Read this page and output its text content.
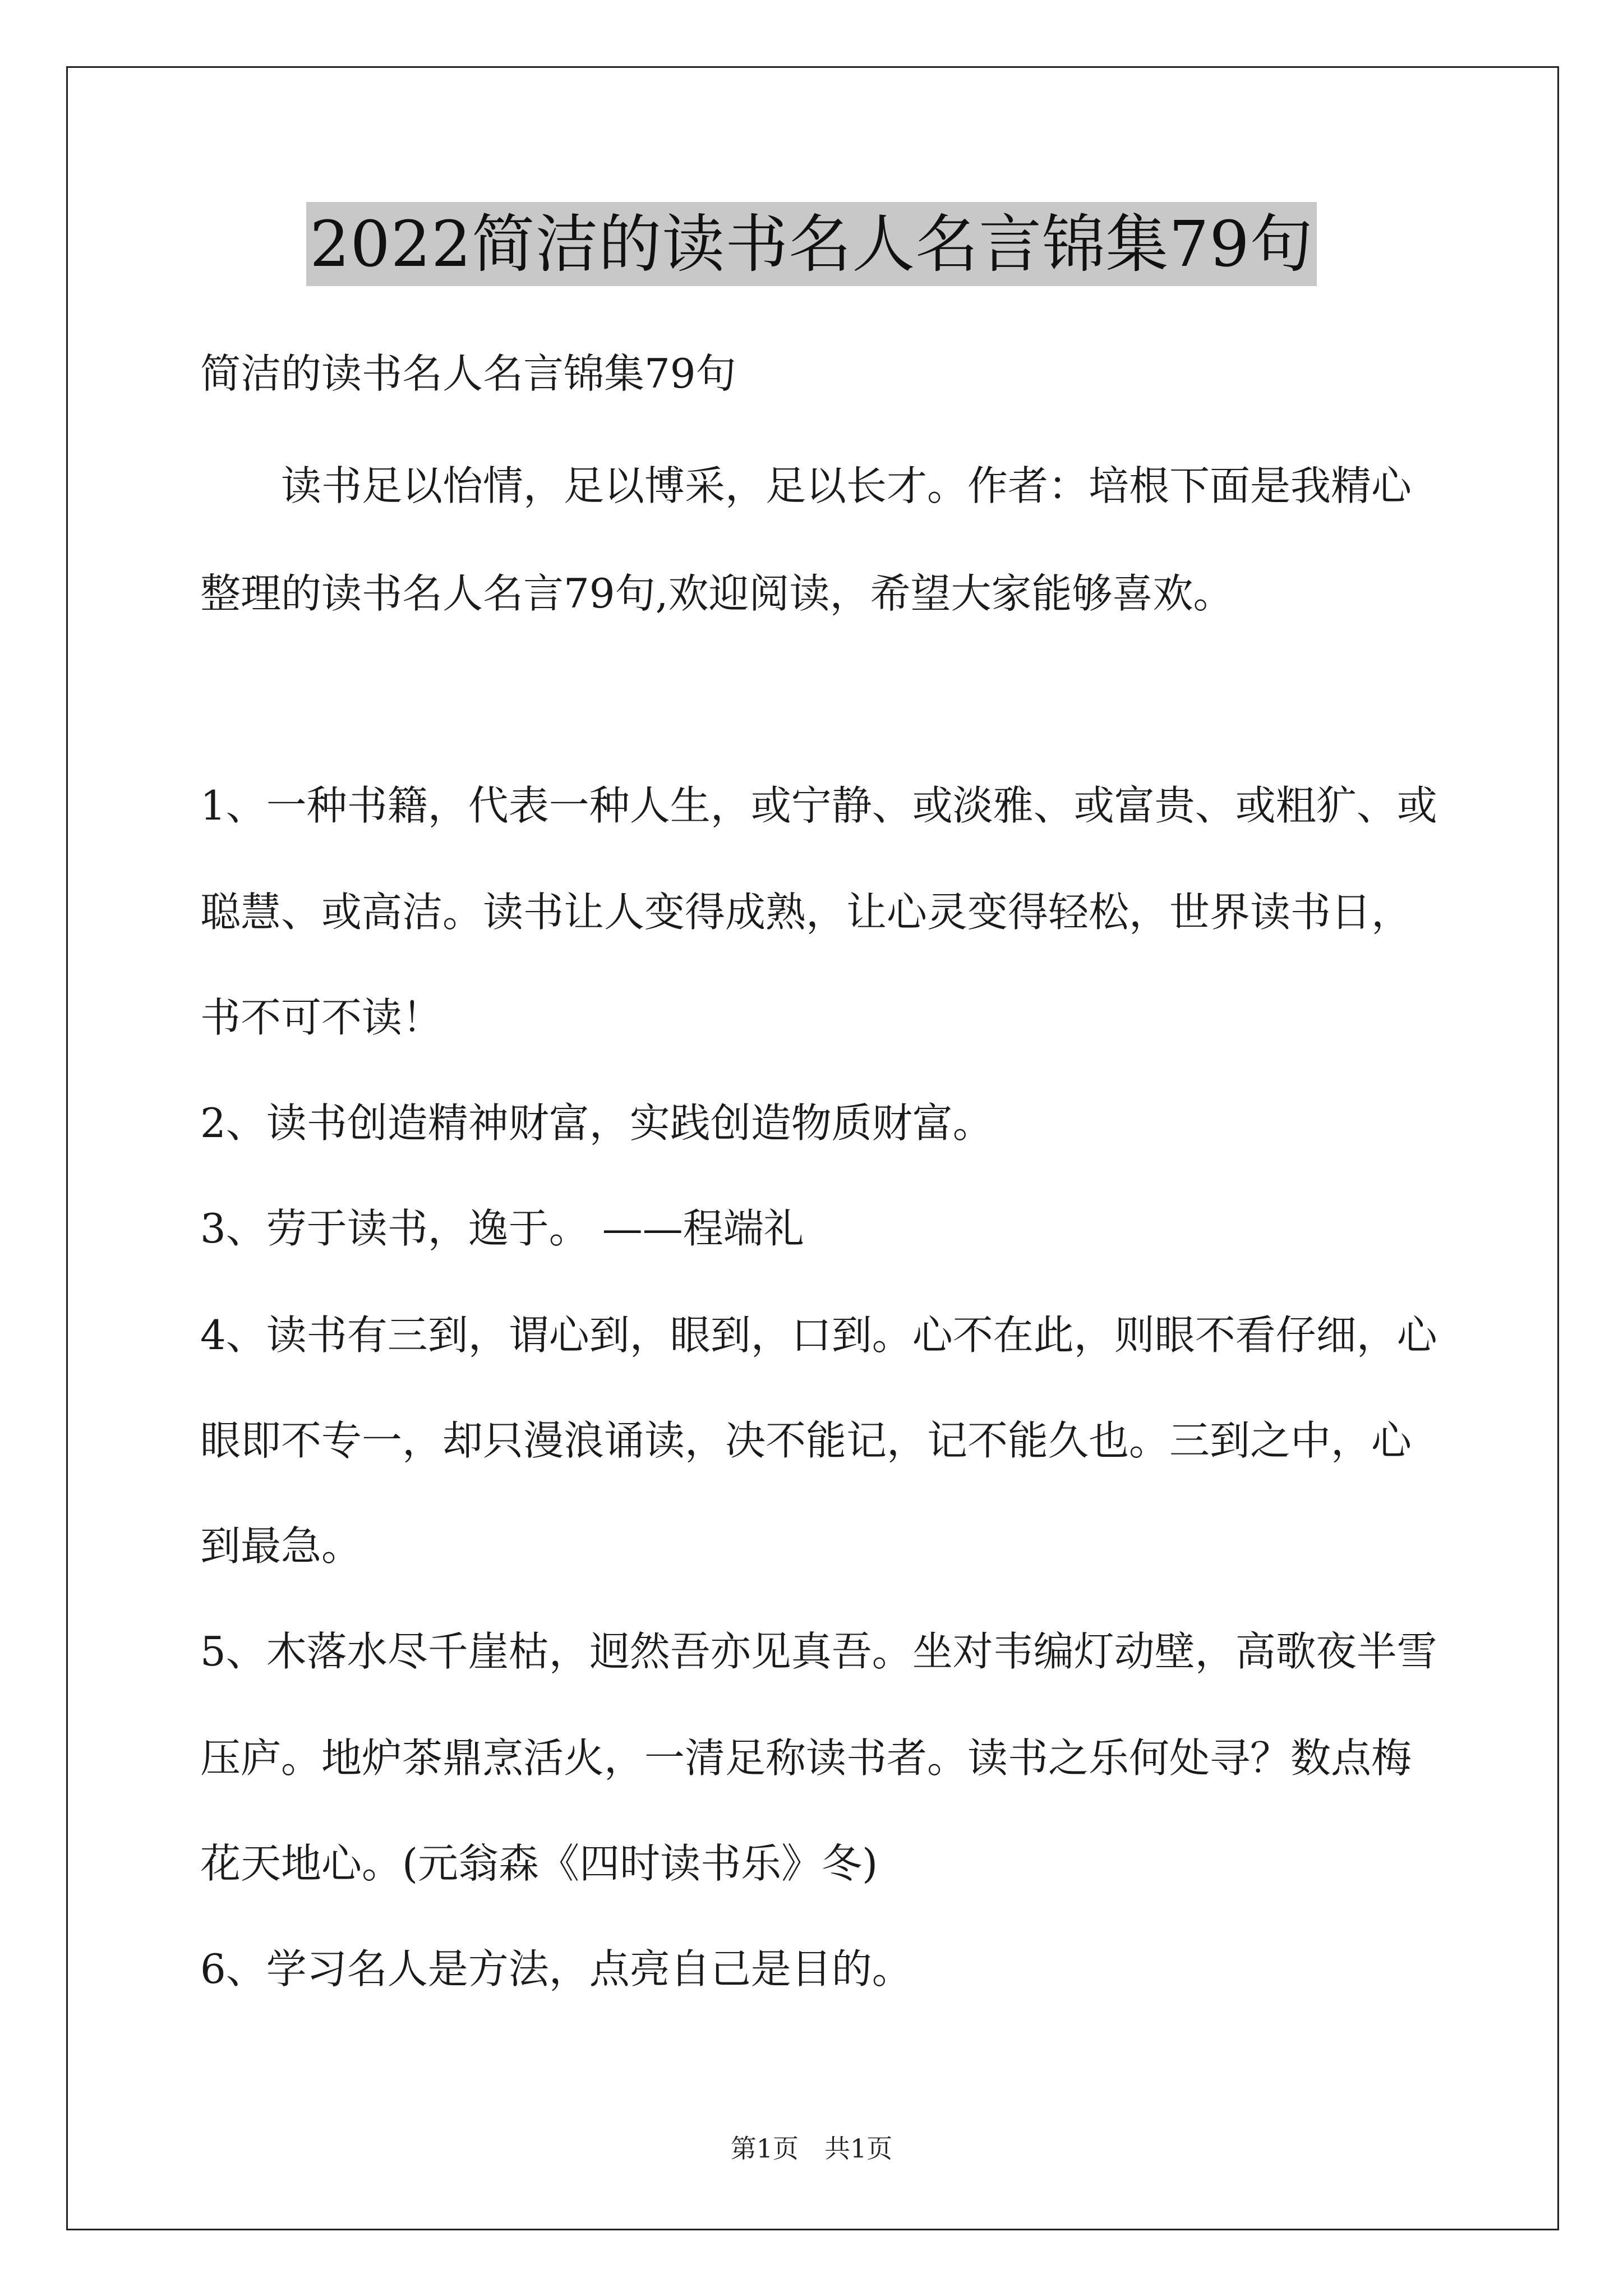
2022简洁的读书名人名言锦集79句
简洁的读书名人名言锦集79句
　　读书足以怡情，足以博采，足以长才。作者：培根下面是我精心
整理的读书名人名言79句,欢迎阅读，希望大家能够喜欢。
1、一种书籍，代表一种人生，或宁静、或淡雅、或富贵、或粗犷、或
聪慧、或高洁。读书让人变得成熟，让心灵变得轻松，世界读书日，
书不可不读！
2、读书创造精神财富，实践创造物质财富。
3、劳于读书，逸于。 ——程端礼
4、读书有三到，谓心到，眼到，口到。心不在此，则眼不看仔细，心
眼即不专一，却只漫浪诵读，决不能记，记不能久也。三到之中，心
到最急。
5、木落水尽千崖枯，迥然吾亦见真吾。坐对韦编灯动壁，高歌夜半雪
压庐。地炉茶鼎烹活火，一清足称读书者。读书之乐何处寻？数点梅
花天地心。(元翁森《四时读书乐》冬)
6、学习名人是方法，点亮自己是目的。
第1页　共1页
